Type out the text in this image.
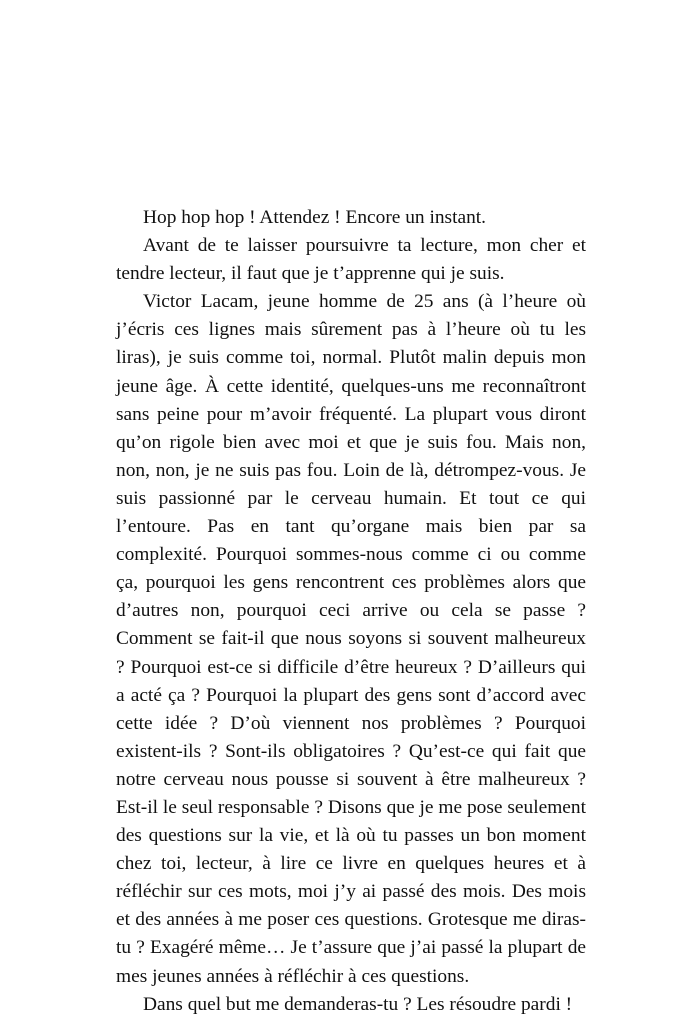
Hop hop hop ! Attendez ! Encore un instant.

Avant de te laisser poursuivre ta lecture, mon cher et tendre lecteur, il faut que je t’apprenne qui je suis.

Victor Lacam, jeune homme de 25 ans (à l’heure où j’écris ces lignes mais sûrement pas à l’heure où tu les liras), je suis comme toi, normal. Plutôt malin depuis mon jeune âge. À cette identité, quelques-uns me reconnaîtront sans peine pour m’avoir fréquenté. La plupart vous diront qu’on rigole bien avec moi et que je suis fou. Mais non, non, non, je ne suis pas fou. Loin de là, détrompez-vous. Je suis passionné par le cerveau humain. Et tout ce qui l’entoure. Pas en tant qu’organe mais bien par sa complexité. Pourquoi sommes-nous comme ci ou comme ça, pourquoi les gens rencontrent ces problèmes alors que d’autres non, pourquoi ceci arrive ou cela se passe ? Comment se fait-il que nous soyons si souvent malheureux ? Pourquoi est-ce si difficile d’être heureux ? D’ailleurs qui a acté ça ? Pourquoi la plupart des gens sont d’accord avec cette idée ? D’où viennent nos problèmes ? Pourquoi existent-ils ? Sont-ils obligatoires ? Qu’est-ce qui fait que notre cerveau nous pousse si souvent à être malheureux ? Est-il le seul responsable ? Disons que je me pose seulement des questions sur la vie, et là où tu passes un bon moment chez toi, lecteur, à lire ce livre en quelques heures et à réfléchir sur ces mots, moi j’y ai passé des mois. Des mois et des années à me poser ces questions. Grotesque me diras-tu ? Exagéré même… Je t’assure que j’ai passé la plupart de mes jeunes années à réfléchir à ces questions.

Dans quel but me demanderas-tu ? Les résoudre pardi !
